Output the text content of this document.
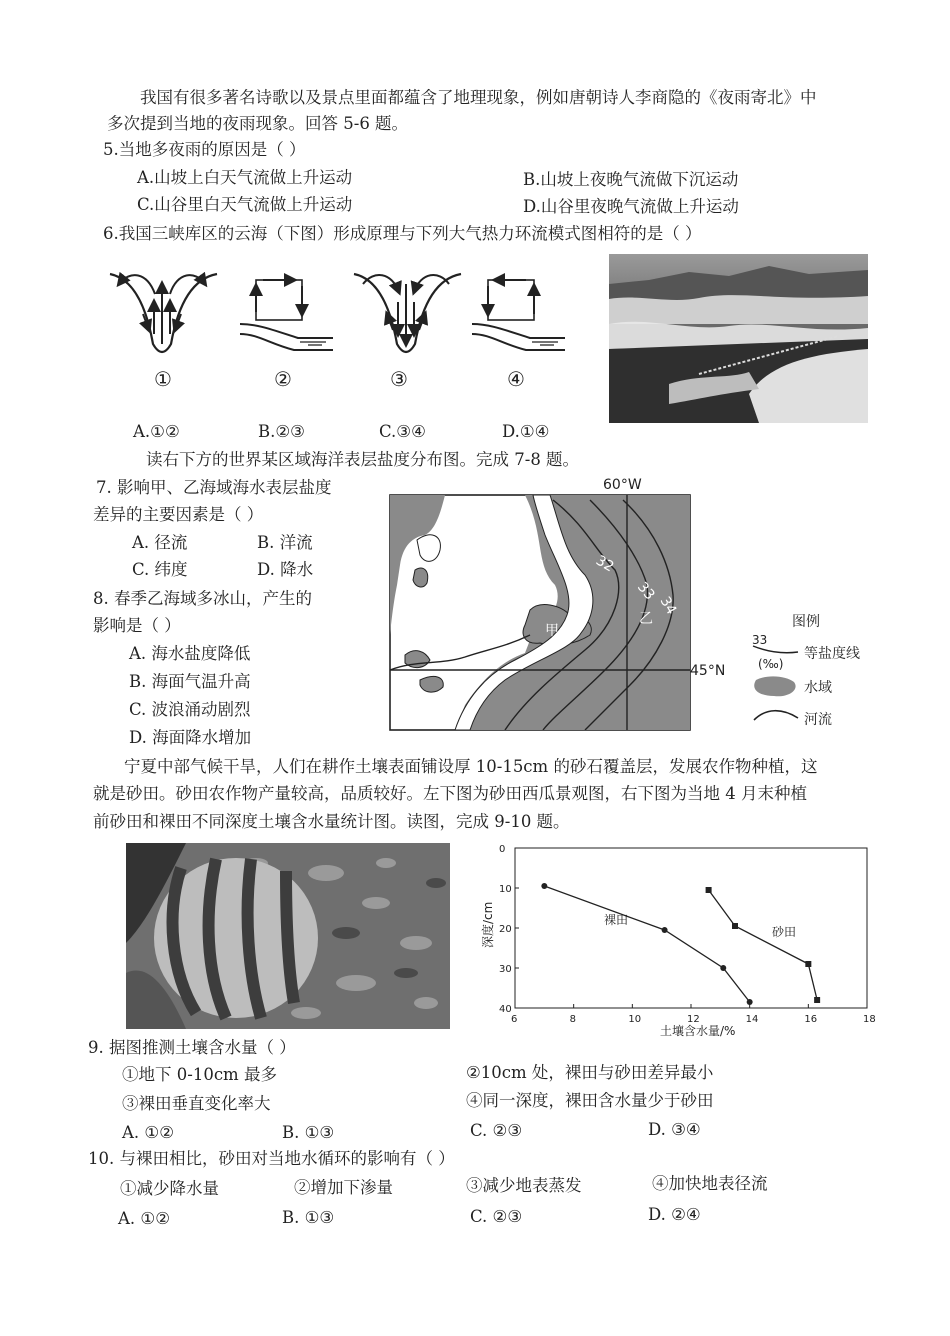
我国有很多著名诗歌以及景点里面都蕴含了地理现象，例如唐朝诗人李商隐的《夜雨寄北》中
多次提到当地的夜雨现象。回答 5-6 题。
5.当地多夜雨的原因是（ ）
A.山坡上白天气流做上升运动	B.山坡上夜晚气流做下沉运动
C.山谷里白天气流做上升运动	D.山谷里夜晚气流做上升运动
6.我国三峡库区的云海（下图）形成原理与下列大气热力环流模式图相符的是（ ）
①	②	③	④
A.①②	B.②③	C.③④	D.①④
读右下方的世界某区域海洋表层盐度分布图。完成 7-8 题。
7. 影响甲、乙海域海水表层盐度
差异的主要因素是（ ）
A. 径流	B. 洋流
C. 纬度	D. 降水
8. 春季乙海域多冰山，产生的
影响是（ ）
A. 海水盐度降低
B. 海面气温升高
C. 波浪涌动剧烈
D. 海面降水增加
60°W
45°N
32
33
34
甲
乙	图例
33
(‰)
等盐度线
水域
河流
宁夏中部气候干旱，人们在耕作土壤表面铺设厚 10-15cm 的砂石覆盖层，发展农作物种植，这
就是砂田。砂田农作物产量较高，品质较好。左下图为砂田西瓜景观图，右下图为当地 4 月末种植
前砂田和裸田不同深度土壤含水量统计图。读图，完成 9-10 题。
6	8	10	12	14	16	18
0
10
20
30
40
深度/cm
土壤含水量/%
裸田
砂田
9. 据图推测土壤含水量（ ）
①地下 0-10cm 最多	②10cm 处，裸田与砂田差异最小
③裸田垂直变化率大	④同一深度，裸田含水量少于砂田
A. ①②	B. ①③	C. ②③	D. ③④
10. 与裸田相比，砂田对当地水循环的影响有（ ）
①减少降水量	②增加下渗量	③减少地表蒸发	④加快地表径流
A. ①②	B. ①③	C. ②③	D. ②④
